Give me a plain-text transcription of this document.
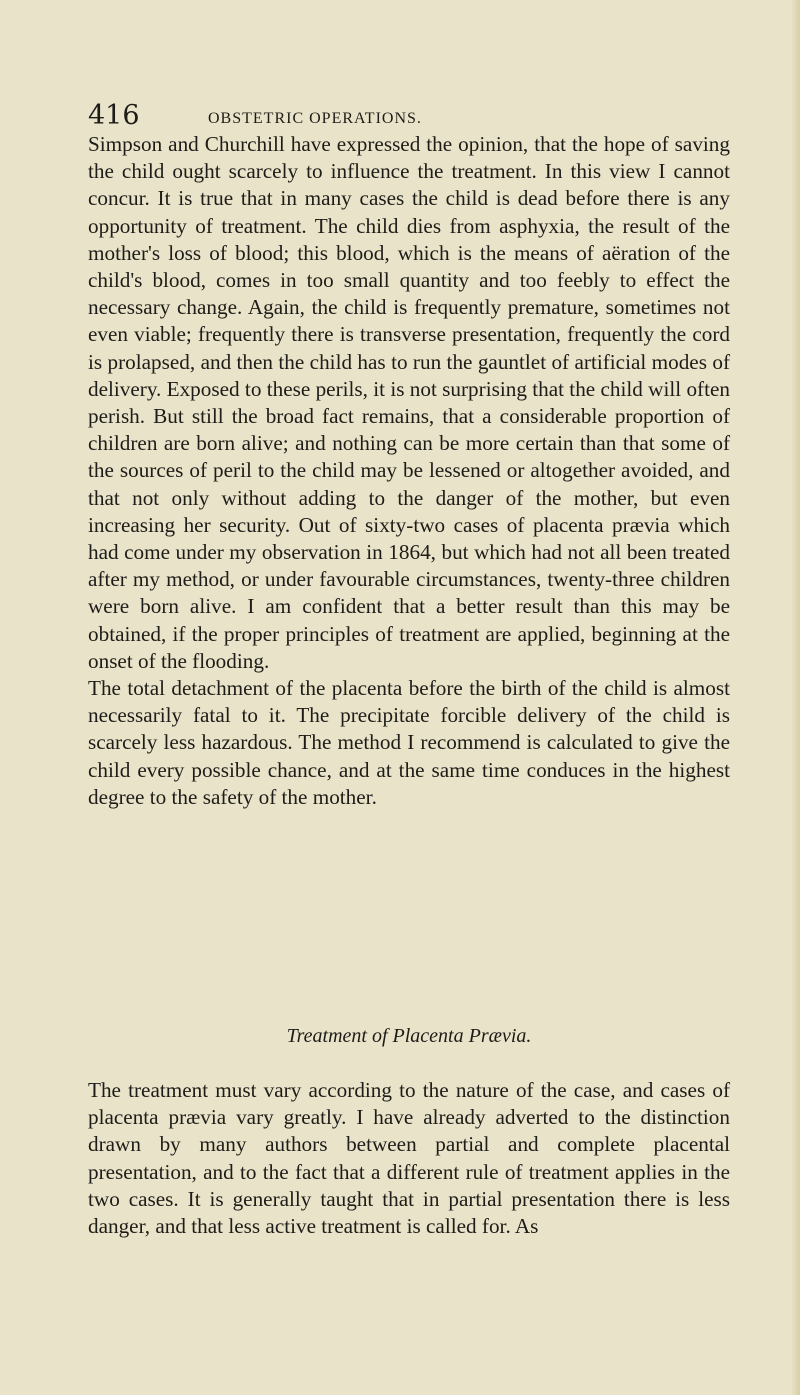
416	OBSTETRIC OPERATIONS.

Simpson and Churchill have expressed the opinion, that the hope of saving the child ought scarcely to influence the treatment. In this view I cannot concur. It is true that in many cases the child is dead before there is any opportunity of treatment. The child dies from asphyxia, the result of the mother's loss of blood; this blood, which is the means of aëration of the child's blood, comes in too small quantity and too feebly to effect the necessary change. Again, the child is frequently premature, sometimes not even viable; frequently there is transverse presentation, frequently the cord is prolapsed, and then the child has to run the gauntlet of artificial modes of delivery. Exposed to these perils, it is not surprising that the child will often perish. But still the broad fact remains, that a considerable proportion of children are born alive; and nothing can be more certain than that some of the sources of peril to the child may be lessened or altogether avoided, and that not only without adding to the danger of the mother, but even increasing her security. Out of sixty-two cases of placenta prævia which had come under my observation in 1864, but which had not all been treated after my method, or under favourable circumstances, twenty-three children were born alive. I am confident that a better result than this may be obtained, if the proper principles of treatment are applied, beginning at the onset of the flooding.

The total detachment of the placenta before the birth of the child is almost necessarily fatal to it. The precipitate forcible delivery of the child is scarcely less hazardous. The method I recommend is calculated to give the child every possible chance, and at the same time conduces in the highest degree to the safety of the mother.

Treatment of Placenta Prævia.

The treatment must vary according to the nature of the case, and cases of placenta prævia vary greatly. I have already adverted to the distinction drawn by many authors between partial and complete placental presentation, and to the fact that a different rule of treatment applies in the two cases. It is generally taught that in partial presentation there is less danger, and that less active treatment is called for. As
